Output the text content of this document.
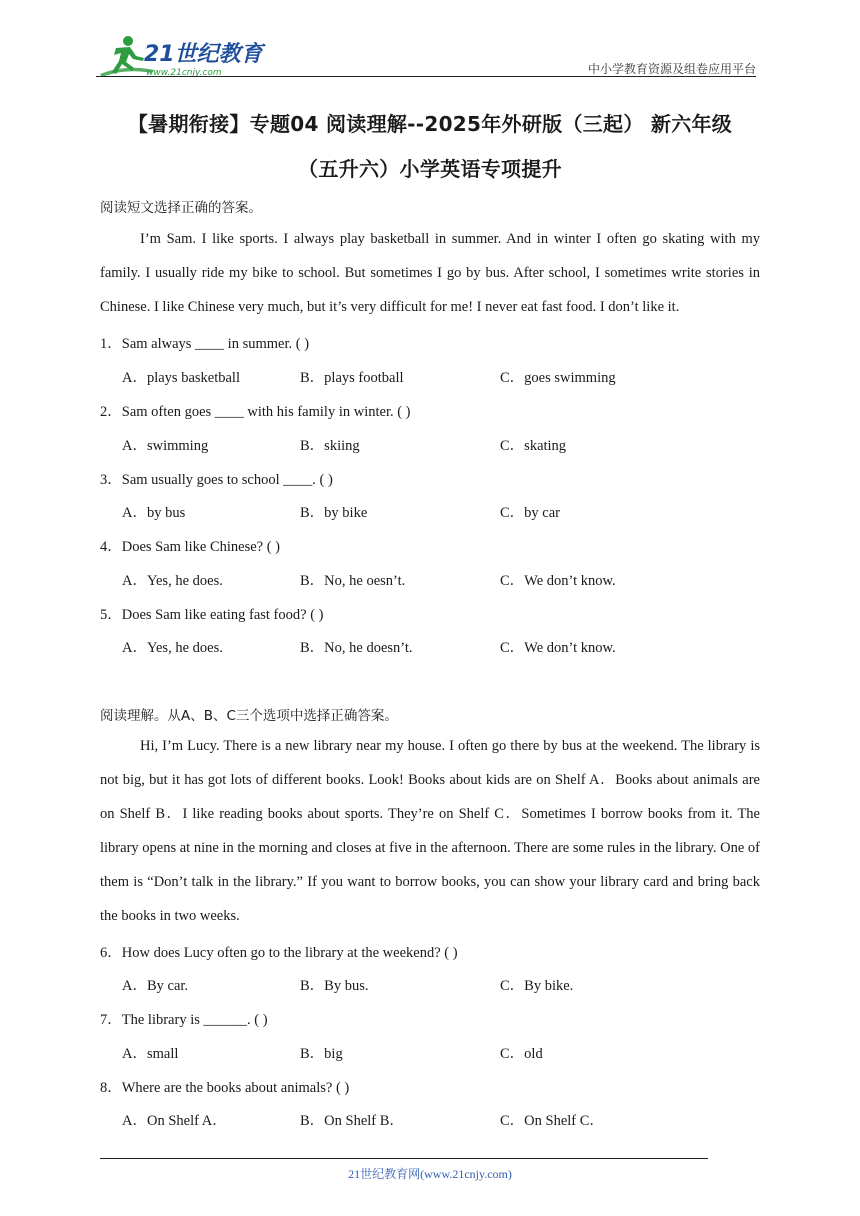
21世纪教育
www.21cnjy.com	中小学教育资源及组卷应用平台
【暑期衔接】专题04 阅读理解--2025年外研版（三起） 新六年级
（五升六）小学英语专项提升
阅读短文选择正确的答案。

I’m Sam. I like sports. I always play basketball in summer. And in winter I often go skating with my family. I usually ride my bike to school. But sometimes I go by bus. After school, I sometimes write stories in Chinese. I like Chinese very much, but it’s very difficult for me! I never eat fast food. I don’t like it.

1．Sam always ____ in summer. ( )
A．plays basketball	B．plays football	C．goes swimming
2．Sam often goes ____ with his family in winter. ( )
A．swimming	B．skiing	C．skating
3．Sam usually goes to school ____. ( )
A．by bus	B．by bike	C．by car
4．Does Sam like Chinese? ( )
A．Yes, he does.	B．No, he oesn’t.	C．We don’t know.
5．Does Sam like eating fast food? ( )
A．Yes, he does.	B．No, he doesn’t.	C．We don’t know.
阅读理解。从A、B、C三个选项中选择正确答案。

Hi, I’m Lucy. There is a new library near my house. I often go there by bus at the weekend. The library is not big, but it has got lots of different books. Look! Books about kids are on Shelf A．Books about animals are on Shelf B．I like reading books about sports. They’re on Shelf C．Sometimes I borrow books from it. The library opens at nine in the morning and closes at five in the afternoon. There are some rules in the library. One of them is “Don’t talk in the library.” If you want to borrow books, you can show your library card and bring back the books in two weeks.

6．How does Lucy often go to the library at the weekend? ( )
A．By car.	B．By bus.	C．By bike.
7．The library is ______. ( )
A．small	B．big	C．old
8．Where are the books about animals? ( )
A．On Shelf A．	B．On Shelf B．	C．On Shelf C．
21世纪教育网(www.21cnjy.com)
